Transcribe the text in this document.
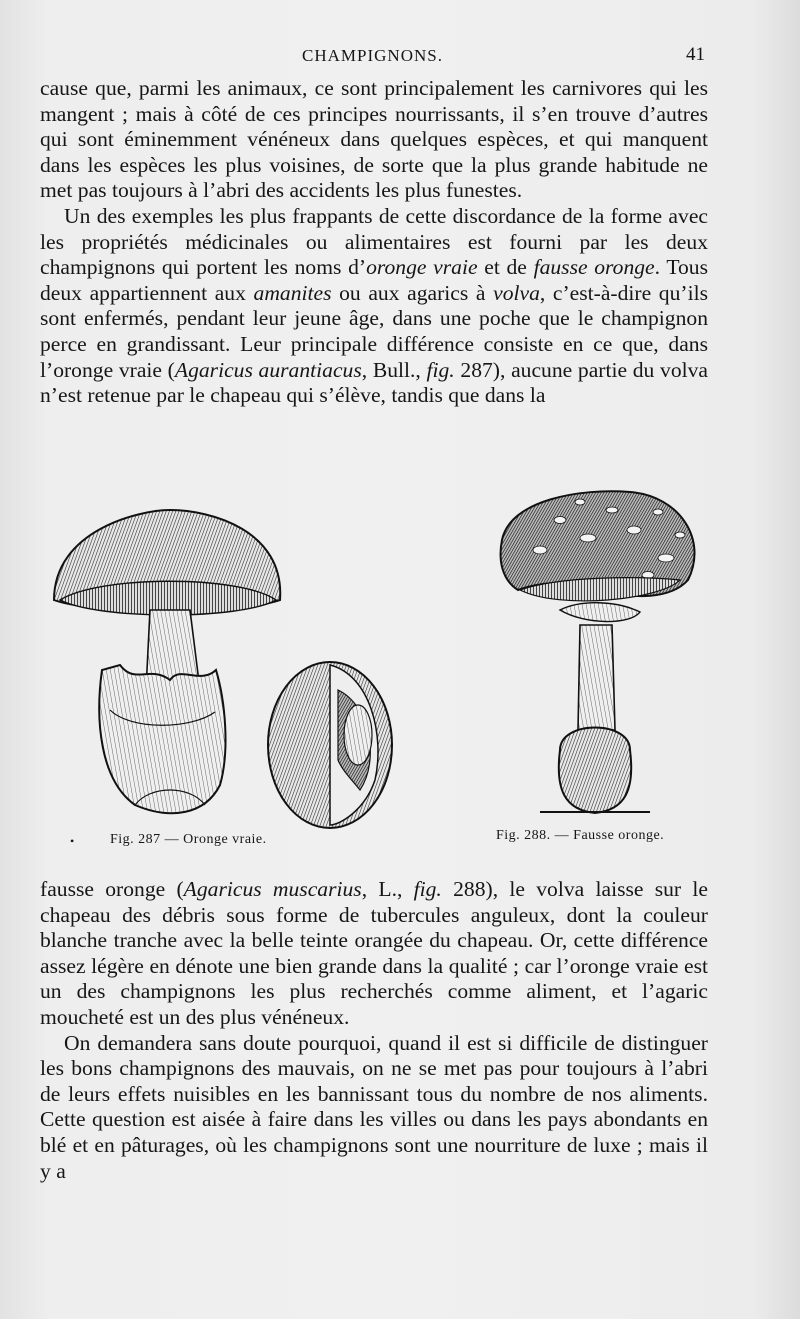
CHAMPIGNONS.	41

cause que, parmi les animaux, ce sont principalement les carnivores qui les mangent ; mais à côté de ces principes nourrissants, il s’en trouve d’autres qui sont éminemment vénéneux dans quelques espèces, et qui manquent dans les espèces les plus voisines, de sorte que la plus grande habitude ne met pas toujours à l’abri des accidents les plus funestes.

Un des exemples les plus frappants de cette discordance de la forme avec les propriétés médicinales ou alimentaires est fourni par les deux champignons qui portent les noms d’oronge vraie et de fausse oronge. Tous deux appartiennent aux amanites ou aux agarics à volva, c’est-à-dire qu’ils sont enfermés, pendant leur jeune âge, dans une poche que le champignon perce en grandissant. Leur principale différence consiste en ce que, dans l’oronge vraie (Agaricus aurantiacus, Bull., fig. 287), aucune partie du volva n’est retenue par le chapeau qui s’élève, tandis que dans la

•	Fig. 287 — Oronge vraie.	Fig. 288. — Fausse oronge.

fausse oronge (Agaricus muscarius, L., fig. 288), le volva laisse sur le chapeau des débris sous forme de tubercules anguleux, dont la couleur blanche tranche avec la belle teinte orangée du chapeau. Or, cette différence assez légère en dénote une bien grande dans la qualité ; car l’oronge vraie est un des champignons les plus recherchés comme aliment, et l’agaric moucheté est un des plus vénéneux.

On demandera sans doute pourquoi, quand il est si difficile de distinguer les bons champignons des mauvais, on ne se met pas pour toujours à l’abri de leurs effets nuisibles en les bannissant tous du nombre de nos aliments. Cette question est aisée à faire dans les villes ou dans les pays abondants en blé et en pâturages, où les champignons sont une nourriture de luxe ; mais il y a
